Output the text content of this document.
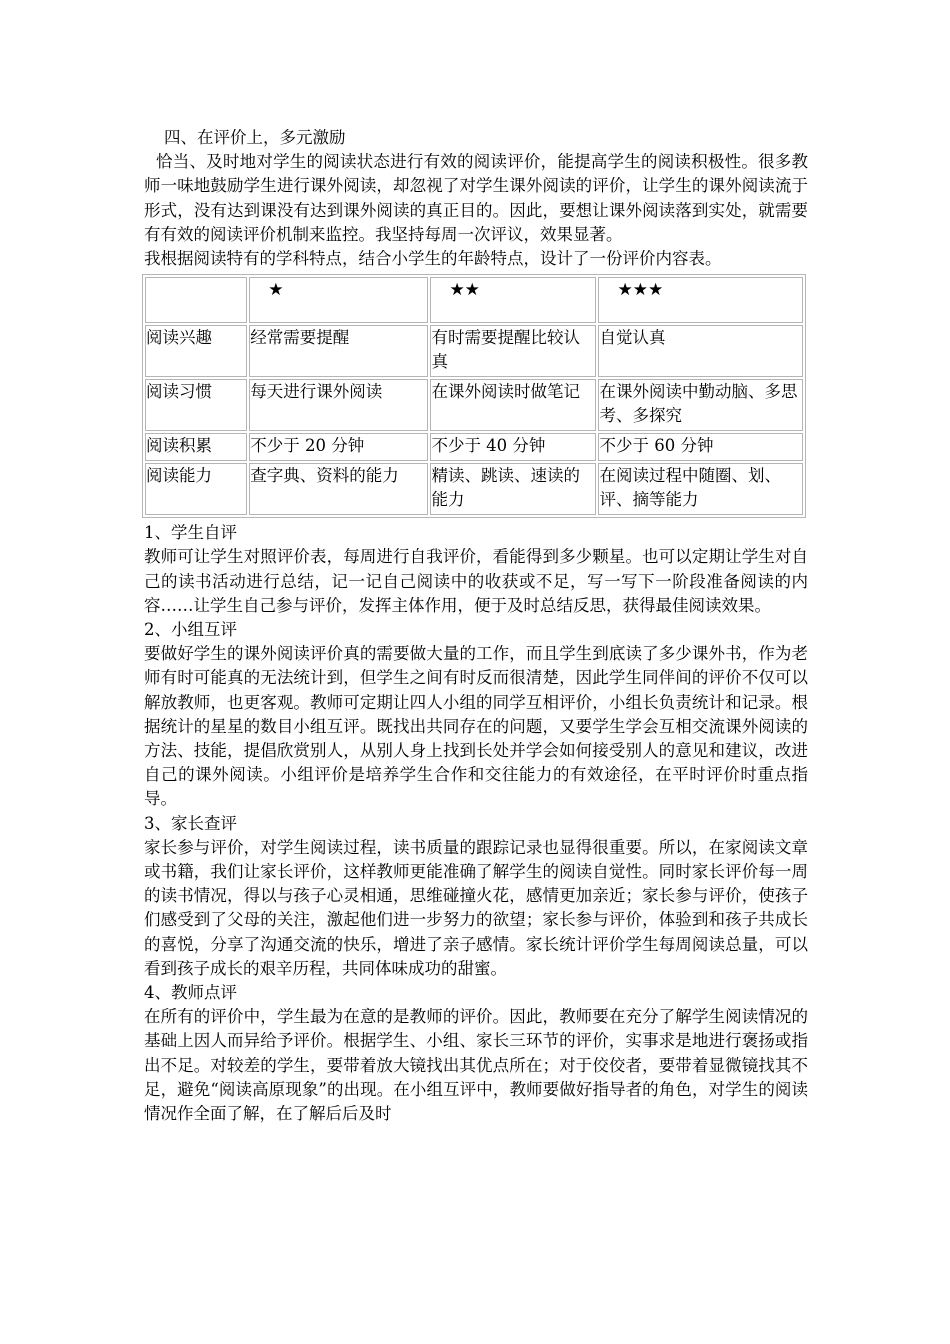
四、在评价上，多元激励

恰当、及时地对学生的阅读状态进行有效的阅读评价，能提高学生的阅读积极性。很多教师一味地鼓励学生进行课外阅读，却忽视了对学生课外阅读的评价，让学生的课外阅读流于形式，没有达到课没有达到课外阅读的真正目的。因此，要想让课外阅读落到实处，就需要有有效的阅读评价机制来监控。我坚持每周一次评议，效果显著。

我根据阅读特有的学科特点，结合小学生的年龄特点，设计了一份评价内容表。

	★	★★	★★★
阅读兴趣	经常需要提醒	有时需要提醒比较认真	自觉认真
阅读习惯	每天进行课外阅读	在课外阅读时做笔记	在课外阅读中勤动脑、多思考、多探究
阅读积累	不少于 20 分钟	不少于 40 分钟	不少于 60 分钟
阅读能力	查字典、资料的能力	精读、跳读、速读的能力	在阅读过程中随圈、划、评、摘等能力

1、学生自评

教师可让学生对照评价表，每周进行自我评价，看能得到多少颗星。也可以定期让学生对自己的读书活动进行总结，记一记自己阅读中的收获或不足，写一写下一阶段准备阅读的内容……让学生自己参与评价，发挥主体作用，便于及时总结反思，获得最佳阅读效果。

2、小组互评

要做好学生的课外阅读评价真的需要做大量的工作，而且学生到底读了多少课外书，作为老师有时可能真的无法统计到，但学生之间有时反而很清楚，因此学生同伴间的评价不仅可以解放教师，也更客观。教师可定期让四人小组的同学互相评价，小组长负责统计和记录。根据统计的星星的数目小组互评。既找出共同存在的问题，又要学生学会互相交流课外阅读的方法、技能，提倡欣赏别人，从别人身上找到长处并学会如何接受别人的意见和建议，改进自己的课外阅读。小组评价是培养学生合作和交往能力的有效途径，在平时评价时重点指导。

3、家长查评

家长参与评价，对学生阅读过程，读书质量的跟踪记录也显得很重要。所以，在家阅读文章或书籍，我们让家长评价，这样教师更能准确了解学生的阅读自觉性。同时家长评价每一周的读书情况，得以与孩子心灵相通，思维碰撞火花，感情更加亲近；家长参与评价，使孩子们感受到了父母的关注，激起他们进一步努力的欲望；家长参与评价，体验到和孩子共成长的喜悦，分享了沟通交流的快乐，增进了亲子感情。家长统计评价学生每周阅读总量，可以看到孩子成长的艰辛历程，共同体味成功的甜蜜。

4、教师点评

在所有的评价中，学生最为在意的是教师的评价。因此，教师要在充分了解学生阅读情况的基础上因人而异给予评价。根据学生、小组、家长三环节的评价，实事求是地进行褒扬或指出不足。对较差的学生，要带着放大镜找出其优点所在；对于佼佼者，要带着显微镜找其不足，避免“阅读高原现象”的出现。在小组互评中，教师要做好指导者的角色，对学生的阅读情况作全面了解，在了解后后及时
